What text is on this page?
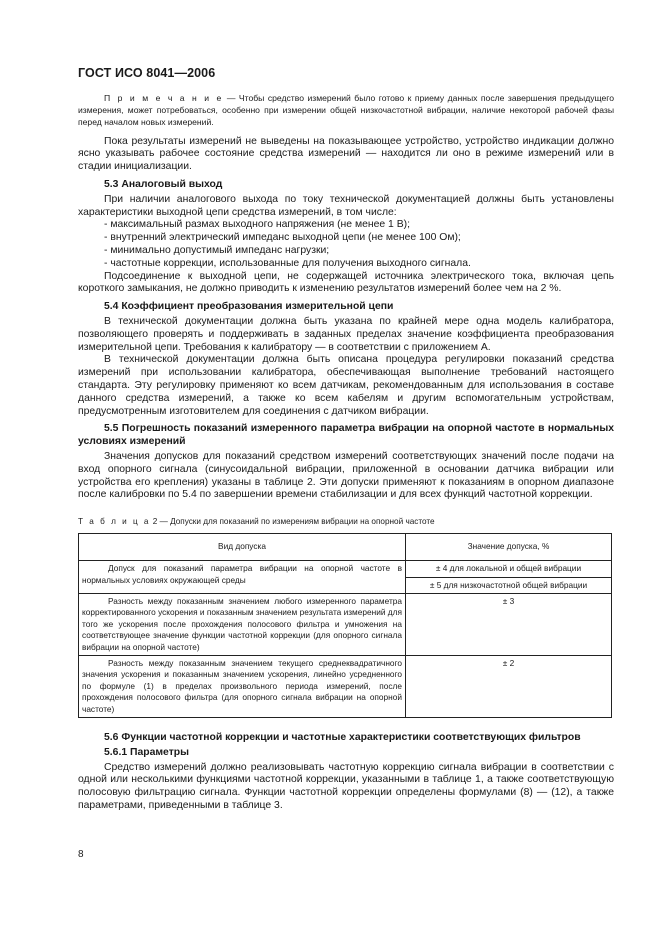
ГОСТ ИСО 8041—2006

П р и м е ч а н и е — Чтобы средство измерений было готово к приему данных после завершения предыдущего измерения, может потребоваться, особенно при измерении общей низкочастотной вибрации, наличие некоторой рабочей фазы перед началом новых измерений.

Пока результаты измерений не выведены на показывающее устройство, устройство индикации должно ясно указывать рабочее состояние средства измерений — находится ли оно в режиме измерений или в стадии инициализации.

5.3 Аналоговый выход

При наличии аналогового выхода по току технической документацией должны быть установлены характеристики выходной цепи средства измерений, в том числе:

- максимальный размах выходного напряжения (не менее 1 В);
- внутренний электрический импеданс выходной цепи (не менее 100 Ом);
- минимально допустимый импеданс нагрузки;
- частотные коррекции, использованные для получения выходного сигнала.

Подсоединение к выходной цепи, не содержащей источника электрического тока, включая цепь короткого замыкания, не должно приводить к изменению результатов измерений более чем на 2 %.

5.4 Коэффициент преобразования измерительной цепи

В технической документации должна быть указана по крайней мере одна модель калибратора, позволяющего проверять и поддерживать в заданных пределах значение коэффициента преобразования измерительной цепи. Требования к калибратору — в соответствии с приложением А.

В технической документации должна быть описана процедура регулировки показаний средства измерений при использовании калибратора, обеспечивающая выполнение требований настоящего стандарта. Эту регулировку применяют ко всем датчикам, рекомендованным для использования в составе данного средства измерений, а также ко всем кабелям и другим вспомогательным устройствам, предусмотренным изготовителем для соединения с датчиком вибрации.

5.5 Погрешность показаний измеренного параметра вибрации на опорной частоте в нормальных условиях измерений

Значения допусков для показаний средством измерений соответствующих значений после подачи на вход опорного сигнала (синусоидальной вибрации, приложенной в основании датчика вибрации или устройства его крепления) указаны в таблице 2. Эти допуски применяют к показаниям в опорном диапазоне после калибровки по 5.4 по завершении времени стабилизации и для всех функций частотной коррекции.

Т а б л и ц а 2 — Допуски для показаний по измерениям вибрации на опорной частоте
Вид допуска	Значение допуска, %
Допуск для показаний параметра вибрации на опорной частоте в нормальных условиях окружающей среды	± 4 для локальной и общей вибрации
	± 5 для низкочастотной общей вибрации
Разность между показанным значением любого измеренного параметра корректированного ускорения и показанным значением результата измерений для того же ускорения после прохождения полосового фильтра и умножения на соответствующее значение функции частотной коррекции (для опорного сигнала вибрации на опорной частоте)	± 3
Разность между показанным значением текущего среднеквадратичного значения ускорения и показанным значением ускорения, линейно усредненного по формуле (1) в пределах произвольного периода измерений, после прохождения полосового фильтра (для опорного сигнала вибрации на опорной частоте)	± 2
5.6 Функции частотной коррекции и частотные характеристики соответствующих фильтров
5.6.1 Параметры

Средство измерений должно реализовывать частотную коррекцию сигнала вибрации в соответствии с одной или несколькими функциями частотной коррекции, указанными в таблице 1, а также соответствующую полосовую фильтрацию сигнала. Функции частотной коррекции определены формулами (8) — (12), а также параметрами, приведенными в таблице 3.

8
